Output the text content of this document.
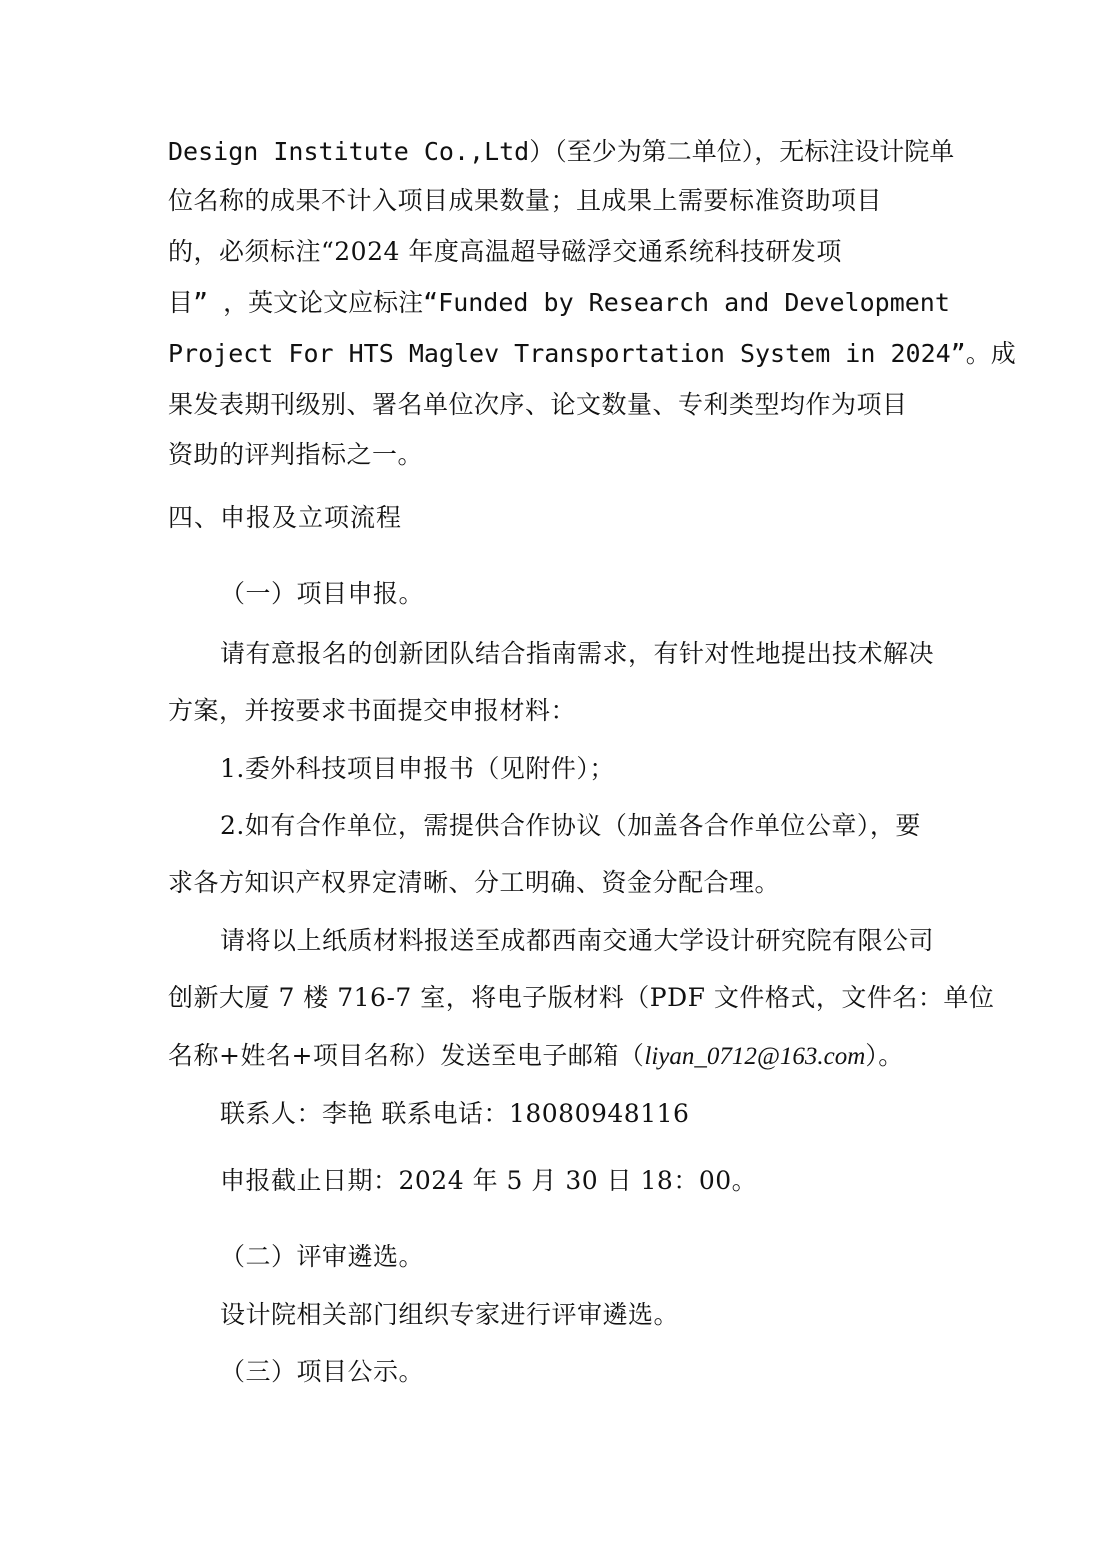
Design Institute Co.,Ltd）（至少为第二单位），无标注设计院单
位名称的成果不计入项目成果数量；且成果上需要标准资助项目
的，必须标注“2024 年度高温超导磁浮交通系统科技研发项
目” ，英文论文应标注“Funded by Research and Development
Project For HTS Maglev Transportation System in 2024”。成
果发表期刊级别、署名单位次序、论文数量、专利类型均作为项目
资助的评判指标之一。
四、申报及立项流程
（一）项目申报。
请有意报名的创新团队结合指南需求，有针对性地提出技术解决
方案，并按要求书面提交申报材料：
1.委外科技项目申报书（见附件）；
2.如有合作单位，需提供合作协议（加盖各合作单位公章），要
求各方知识产权界定清晰、分工明确、资金分配合理。
请将以上纸质材料报送至成都西南交通大学设计研究院有限公司
创新大厦 7 楼 716-7 室，将电子版材料（PDF 文件格式，文件名：单位
名称+姓名+项目名称）发送至电子邮箱（liyan_0712@163.com）。
联系人：李艳 联系电话：18080948116
申报截止日期：2024 年 5 月 30 日 18：00。
（二）评审遴选。
设计院相关部门组织专家进行评审遴选。
（三）项目公示。
